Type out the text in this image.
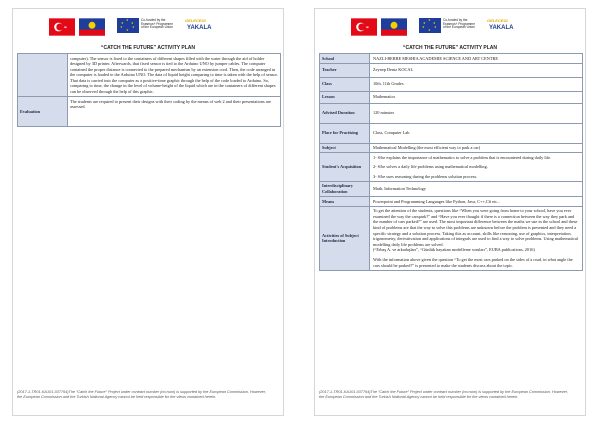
★
★ ★
★	★
★
Co-funded by the
Erasmus+ Programme
of the European Union
GELECEGI
YAKALA
“CATCH THE FUTURE” ACTIVITY PLAN
	computer). The sensor is fixed to the containers of different shapes filled with the water through the aid of holder designed by 3D printer. Afterwards, that fixed sensor is tied to the Arduino UNO by jumper cables. The computer contained the proper distance is connected to the prepared mechanism by an extension cord. Then, the code arranged in the computer is loaded to the Arduino UNO. The data of liquid height comparing to time is taken with the help of sensor. That data is carried into the computer as a positive-time graphic through the help of the code loaded to Arduino. So, comparing to time, the change in the level of volume-height of the liquid which are in the containers of different shapes can be observed through the help of this graphic.
Evaluation	The students are required to present their designs with their coding by the means of web 2 and their presentations are assessed.
(2017-1-TR01-KA101-037764)The “Catch the Future” Project under contract number (no:num) is supported by the European Commission. However, the European Commission and the Turkish National Agency cannot be held responsible for the views contained herein.
★
★ ★
★	★
★
Co-funded by the
Erasmus+ Programme
of the European Union
GELECEGI
YAKALA
“CATCH THE FUTURE” ACTIVITY PLAN
School	NAZLI-BERRE MESHIA ACADEMIE SCIENCE AND ART CENTRE
Teacher	Zeynep Deniz KOCAL
Class	10th, 11th Grades
Lesson	Mathematics
Advised Duration	120 minutes
Place for Practising	Class, Computer Lab
Subject	Mathematical Modelling (the most efficient way to park a car)
Student's Acquisition	1- S/he explains the importance of mathematics to solve a problem that is encountered during daily life.

2- S/he solves a daily life problems using mathematical modelling.

3- S/he uses reasoning during the problems solution process.

Interdisciplinary Collaboration	Math, Information Technology
Means	Powerpoint and Programming Languages like Python, Java, C++,C# etc...
Activities of Subject Introduction	To get the attention of the students, questions like “When you were going from home to your school, have you ever examined the way the carspark?” and “Have you ever thought if there is a connection between the way they park and the number of cars parked?” are used. The most important difference between the maths we use in the school and these kind of problems are that the way to solve this problems are unknown before the problem is presented and they need a specific strategy and a solution process. Taking this as account, skills like reasoning, use of graphics, interpretation, trigonometry, derivativation and applications of integrals are used to find a way to solve problems. Using mathematical modelling daily life problems are solved.

(“Erbaş A. ve arkadaşları”, “Günlük hayattan modelleme soruları”, EUBA publications, 2016)

With the information above given the question “To get the most cars parked on the sides of a road, in what angle the cars should be parked?” is presented to make the students discuss about the topic.

(2017-1-TR01-KA101-037764)The “Catch the Future” Project under contract number (no:num) is supported by the European Commission. However, the European Commission and the Turkish National Agency cannot be held responsible for the views contained herein.
